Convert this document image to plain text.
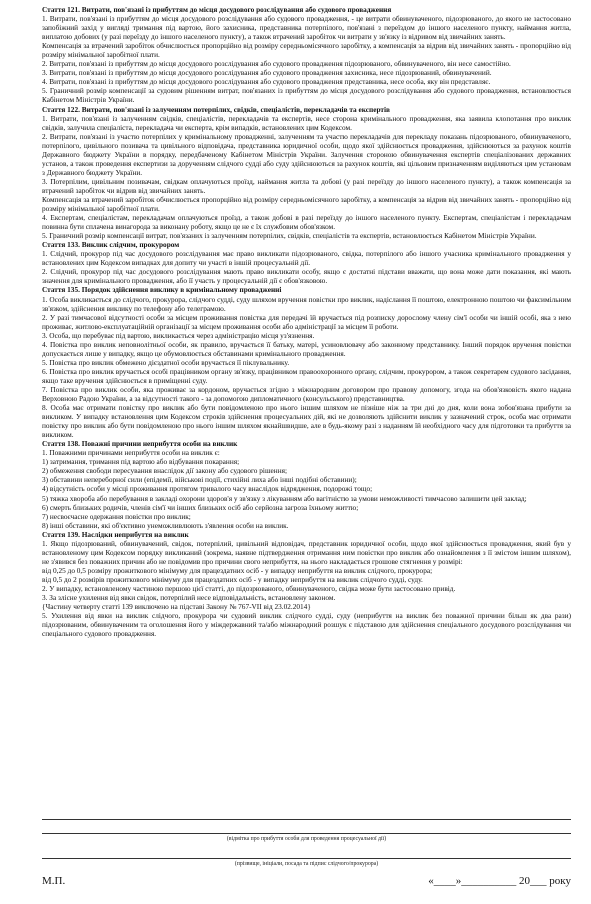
Стаття 121. Витрати, пов'язані із прибуттям до місця досудового розслідування або судового провадження

1. Витрати, пов'язані із прибуттям до місця досудового розслідування або судового провадження, - це витрати обвинуваченого, підозрюваного, до якого не застосовано запобіжний захід у вигляді тримання під вартою, його захисника, представника потерпілого, пов'язані з переїздом до іншого населеного пункту, наймання житла, виплатою добових (у разі переїзду до іншого населеного пункту), а також втрачений заробіток чи витрати у зв'язку із відривом від звичайних занять.

Компенсація за втрачений заробіток обчислюється пропорційно від розміру середньомісячного заробітку, а компенсація за відрив від звичайних занять - пропорційно від розміру мінімальної заробітної плати.

2. Витрати, пов'язані із прибуттям до місця досудового розслідування або судового провадження підозрюваного, обвинуваченого, він несе самостійно.

3. Витрати, пов'язані із прибуттям до місця досудового розслідування або судового провадження захисника, несе підозрюваний, обвинувачений.

4. Витрати, пов'язані із прибуттям до місця досудового розслідування або судового провадження представника, несе особа, яку він представляє.

5. Граничний розмір компенсації за судовим рішенням витрат, пов'язаних із прибуттям до місця досудового розслідування або судового провадження, встановлюється Кабінетом Міністрів України.

Стаття 122. Витрати, пов'язані із залученням потерпілих, свідків, спеціалістів, перекладачів та експертів

1. Витрати, пов'язані із залученням свідків, спеціалістів, перекладачів та експертів, несе сторона кримінального провадження, яка заявила клопотання про виклик свідків, залучила спеціаліста, перекладача чи експерта, крім випадків, встановлених цим Кодексом.

2. Витрати, пов'язані із участю потерпілих у кримінальному провадженні, залученням та участю перекладачів для перекладу показань підозрюваного, обвинуваченого, потерпілого, цивільного позивача та цивільного відповідача, представника юридичної особи, щодо якої здійснюється провадження, здійснюються за рахунок коштів Державного бюджету України в порядку, передбаченому Кабінетом Міністрів України. Залучення стороною обвинувачення експертів спеціалізованих державних установ, а також проведення експертизи за дорученням слідчого судді або суду здійснюються за рахунок коштів, які цільовим призначенням виділяються цим установам з Державного бюджету України.

3. Потерпілим, цивільним позивачам, свідкам оплачуються проїзд, наймання житла та добові (у разі переїзду до іншого населеного пункту), а також компенсація за втрачений заробіток чи відрив від звичайних занять.

Компенсація за втрачений заробіток обчислюється пропорційно від розміру середньомісячного заробітку, а компенсація за відрив від звичайних занять - пропорційно від розміру мінімальної заробітної плати.

4. Експертам, спеціалістам, перекладачам оплачуються проїзд, а також добові в разі переїзду до іншого населеного пункту. Експертам, спеціалістам і перекладачам повинна бути сплачена винагорода за виконану роботу, якщо це не є їх службовим обов'язком.

5. Граничний розмір компенсації витрат, пов'язаних із залученням потерпілих, свідків, спеціалістів та експертів, встановлюється Кабінетом Міністрів України.

Стаття 133. Виклик слідчим, прокурором

1. Слідчий, прокурор під час досудового розслідування має право викликати підозрюваного, свідка, потерпілого або іншого учасника кримінального провадження у встановлених цим Кодексом випадках для допиту чи участі в іншій процесуальній дії.

2. Слідчий, прокурор під час досудового розслідування мають право викликати особу, якщо є достатні підстави вважати, що вона може дати показання, які мають значення для кримінального провадження, або її участь у процесуальній дії є обов'язковою.

Стаття 135. Порядок здійснення виклику в кримінальному провадженні

1. Особа викликається до слідчого, прокурора, слідчого судді, суду шляхом вручення повістки про виклик, надіслання її поштою, електронною поштою чи факсимільним зв'язком, здійснення виклику по телефону або телеграмою.

2. У разі тимчасової відсутності особи за місцем проживання повістка для передачі їй вручається під розписку дорослому члену сім'ї особи чи іншій особі, яка з нею проживає, житлово-експлуатаційній організації за місцем проживання особи або адміністрації за місцем її роботи.

3. Особа, що перебуває під вартою, викликається через адміністрацію місця уз'язнення.

4. Повістка про виклик неповнолітньої особи, як правило, вручається її батьку, матері, усиновлювачу або законному представнику. Інший порядок вручення повістки допускається лише у випадку, якщо це обумовлюється обставинами кримінального провадження.

5. Повістка про виклик обмежено дієздатної особи вручається її піклувальнику.

6. Повістка про виклик вручається особі працівником органу зв'язку, працівником правоохоронного органу, слідчим, прокурором, а також секретарем судового засідання, якщо таке вручення здійснюється в приміщенні суду.

7. Повістка про виклик особи, яка проживає за кордоном, вручається згідно з міжнародним договором про правову допомогу, згода на обов'язковість якого надана Верховною Радою України, а за відсутності такого - за допомогою дипломатичного (консульського) представництва.

8. Особа має отримати повістку про виклик або бути повідомленою про нього іншим шляхом не пізніше ніж за три дні до дня, коли вона зобов'язана прибути за викликом. У випадку встановлення цим Кодексом строків здійснення процесуальних дій, які не дозволяють здійснити виклик у зазначений строк, особа має отримати повістку про виклик або бути повідомленою про нього іншим шляхом якнайшвидше, але в будь-якому разі з наданням їй необхідного часу для підготовки та прибуття за викликом.

Стаття 138. Поважні причини неприбуття особи на виклик

1. Поважними причинами неприбуття особи на виклик є:

1) затримання, тримання під вартою або відбування покарання;

2) обмеження свободи пересування внаслідок дії закону або судового рішення;

3) обставини непереборної сили (епідемії, військові події, стихійні лиха або інші подібні обставини);

4) відсутність особи у місці проживання протягом тривалого часу внаслідок відрядження, подорожі тощо;

5) тяжка хвороба або перебування в закладі охорони здоров'я у зв'язку з лікуванням або вагітністю за умови неможливості тимчасово залишити цей заклад;

6) смерть близьких родичів, членів сім'ї чи інших близьких осіб або серйозна загроза їхньому життю;

7) несвоєчасне одержання повістки про виклик;

8) інші обставини, які об'єктивно унеможливлюють з'явлення особи на виклик.

Стаття 139. Наслідки неприбуття на виклик

1. Якщо підозрюваний, обвинувачений, свідок, потерпілий, цивільний відповідач, представник юридичної особи, щодо якої здійснюється провадження, який був у встановленому цим Кодексом порядку викликаний (зокрема, наявне підтвердження отримання ним повістки про виклик або ознайомлення з її змістом іншим шляхом), не з'явився без поважних причин або не повідомив про причини свого неприбуття, на нього накладається грошове стягнення у розмірі:

від 0,25 до 0,5 розміру прожиткового мінімуму для працездатних осіб - у випадку неприбуття на виклик слідчого, прокурора;

від 0,5 до 2 розмірів прожиткового мінімуму для працездатних осіб - у випадку неприбуття на виклик слідчого судді, суду.

2. У випадку, встановленому частиною першою цієї статті, до підозрюваного, обвинуваченого, свідка може бути застосовано привід.

3. За злісне ухилення від явки свідок, потерпілий несе відповідальність, встановлену законом.

{Частину четверту статті 139 виключено на підставі Закону № 767-VII від 23.02.2014}

5. Ухилення від явки на виклик слідчого, прокурора чи судовий виклик слідчого судді, суду (неприбуття на виклик без поважної причини більш як два рази) підозрюваним, обвинуваченим та оголошення його у міждержавний та/або міжнародний розшук є підставою для здійснення спеціального досудового розслідування чи спеціального судового провадження.

(відмітка про прибуття особи для проведення процесуальної дії)
(прізвище, ініціали, посада та підпис слідчого/прокурора)
М.П.	«____»__________ 20___ року
